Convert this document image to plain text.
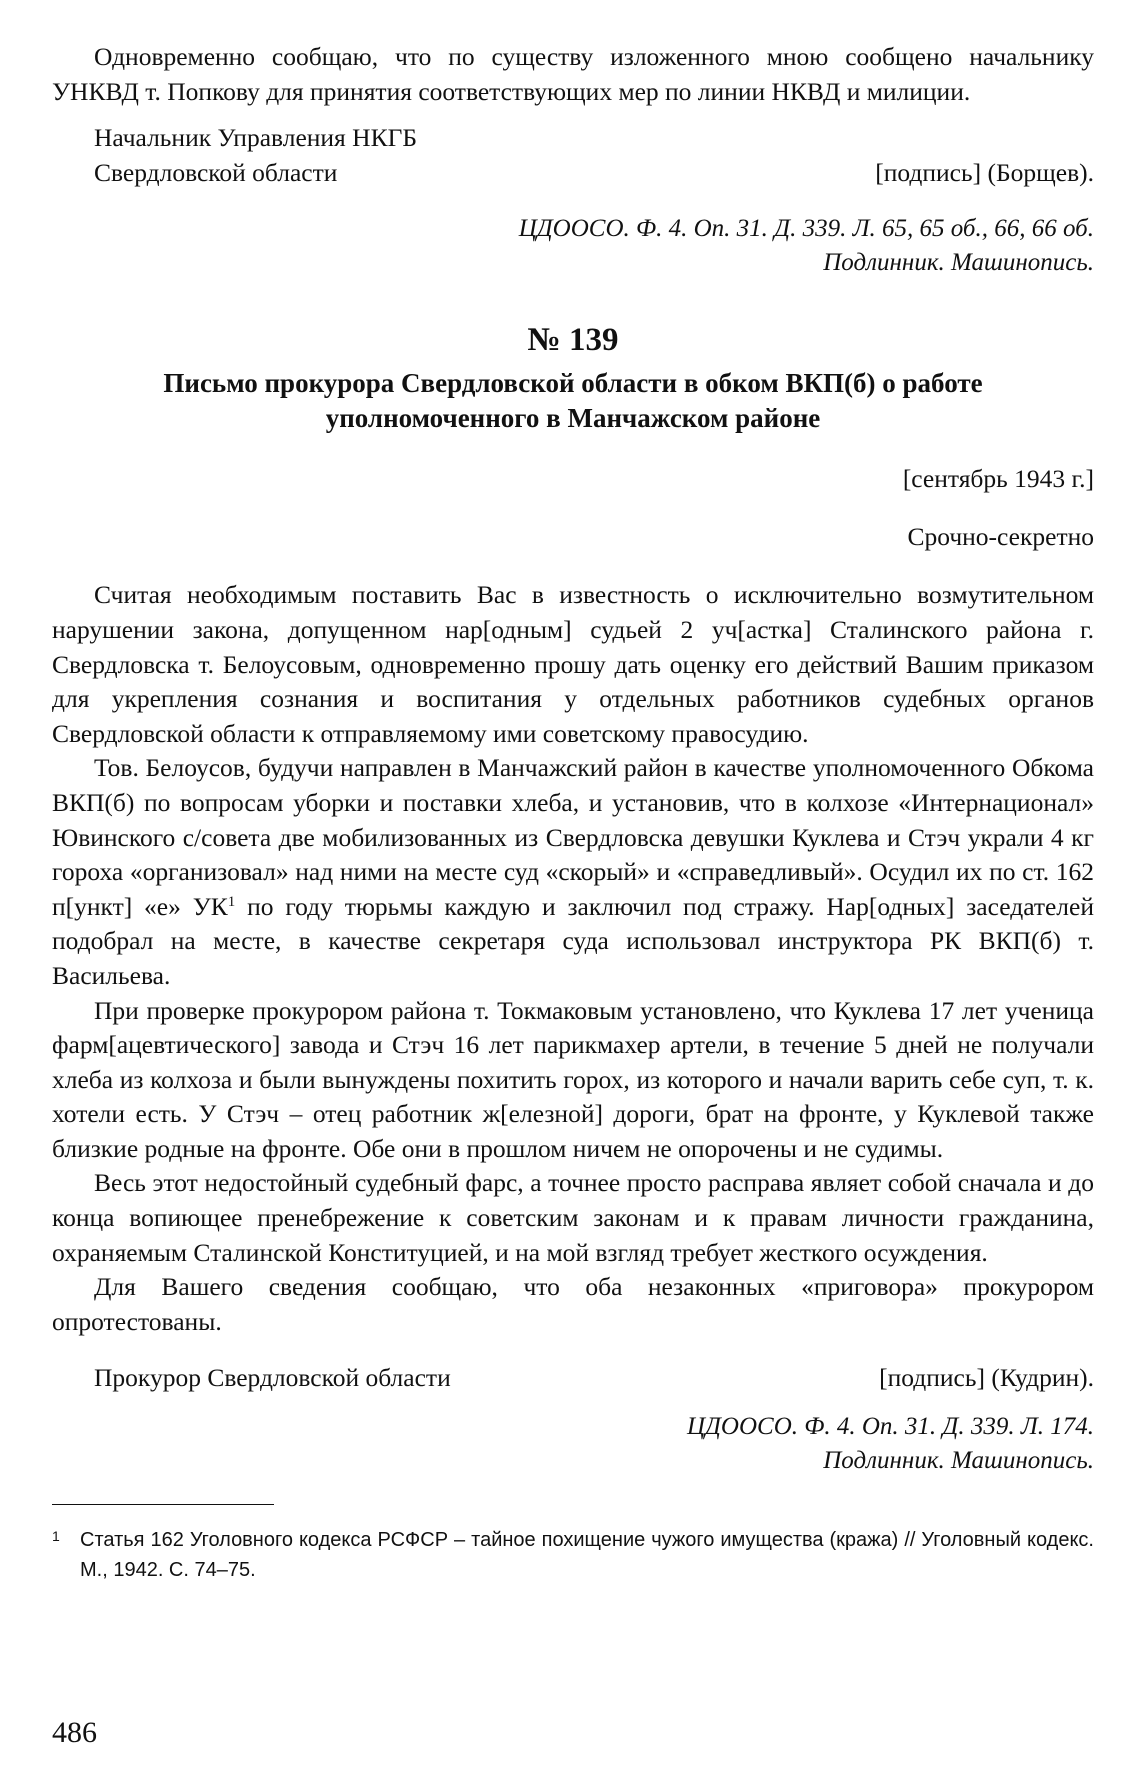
Одновременно сообщаю, что по существу изложенного мною сообщено начальнику УНКВД т. Попкову для принятия соответствующих мер по линии НКВД и милиции.

Начальник Управления НКГБ
Свердловской области	[подпись] (Борщев).
ЦДООСО. Ф. 4. Оп. 31. Д. 339. Л. 65, 65 об., 66, 66 об.
Подлинник. Машинопись.
№ 139
Письмо прокурора Свердловской области в обком ВКП(б) о работе уполномоченного в Манчажском районе
[сентябрь 1943 г.]
Срочно-секретно

Считая необходимым поставить Вас в известность о исключительно возмутительном нарушении закона, допущенном нар[одным] судьей 2 уч[астка] Сталинского района г. Свердловска т. Белоусовым, одновременно прошу дать оценку его действий Вашим приказом для укрепления сознания и воспитания у отдельных работников судебных органов Свердловской области к отправляемому ими советскому правосудию.

Тов. Белоусов, будучи направлен в Манчажский район в качестве уполномоченного Обкома ВКП(б) по вопросам уборки и поставки хлеба, и установив, что в колхозе «Интернационал» Ювинского с/совета две мобилизованных из Свердловска девушки Куклева и Стэч украли 4 кг гороха «организовал» над ними на месте суд «скорый» и «справедливый». Осудил их по ст. 162 п[ункт] «е» $УК^1$ по году тюрьмы каждую и заключил под стражу. Нар[одных] заседателей подобрал на месте, в качестве секретаря суда использовал инструктора РК ВКП(б) т. Васильева.

При проверке прокурором района т. Токмаковым установлено, что Куклева 17 лет ученица фарм[ацевтического] завода и Стэч 16 лет парикмахер артели, в течение 5 дней не получали хлеба из колхоза и были вынуждены похитить горох, из которого и начали варить себе суп, т. к. хотели есть. У Стэч – отец работник ж[елезной] дороги, брат на фронте, у Куклевой также близкие родные на фронте. Обе они в прошлом ничем не опорочены и не судимы.

Весь этот недостойный судебный фарс, а точнее просто расправа являет собой сначала и до конца вопиющее пренебрежение к советским законам и к правам личности гражданина, охраняемым Сталинской Конституцией, и на мой взгляд требует жесткого осуждения.

Для Вашего сведения сообщаю, что оба незаконных «приговора» прокурором опротестованы.

Прокурор Свердловской области	[подпись] (Кудрин).
ЦДООСО. Ф. 4. Оп. 31. Д. 339. Л. 174.
Подлинник. Машинопись.
1 Статья 162 Уголовного кодекса РСФСР – тайное похищение чужого имущества (кража) // Уголовный кодекс. М., 1942. С. 74–75.
486
